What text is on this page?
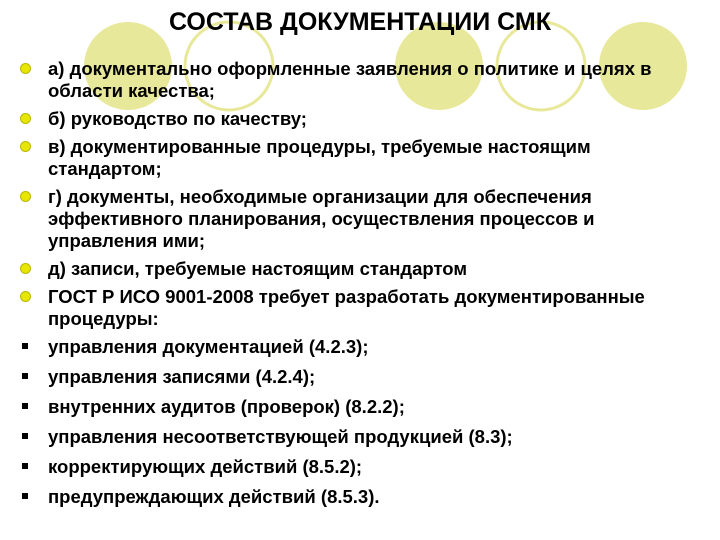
СОСТАВ ДОКУМЕНТАЦИИ СМК
а) документально оформленные заявления о политике и целях в области качества;
б) руководство по качеству;
в) документированные процедуры, требуемые настоящим стандартом;
г) документы, необходимые организации для обеспечения эффективного планирования, осуществления процессов и управления ими;
д) записи, требуемые настоящим стандартом
ГОСТ Р ИСО 9001-2008 требует разработать документированные процедуры:
управления документацией (4.2.3);
управления записями (4.2.4);
внутренних аудитов (проверок) (8.2.2);
управления несоответствующей продукцией (8.3);
корректирующих действий (8.5.2);
предупреждающих действий (8.5.3).
